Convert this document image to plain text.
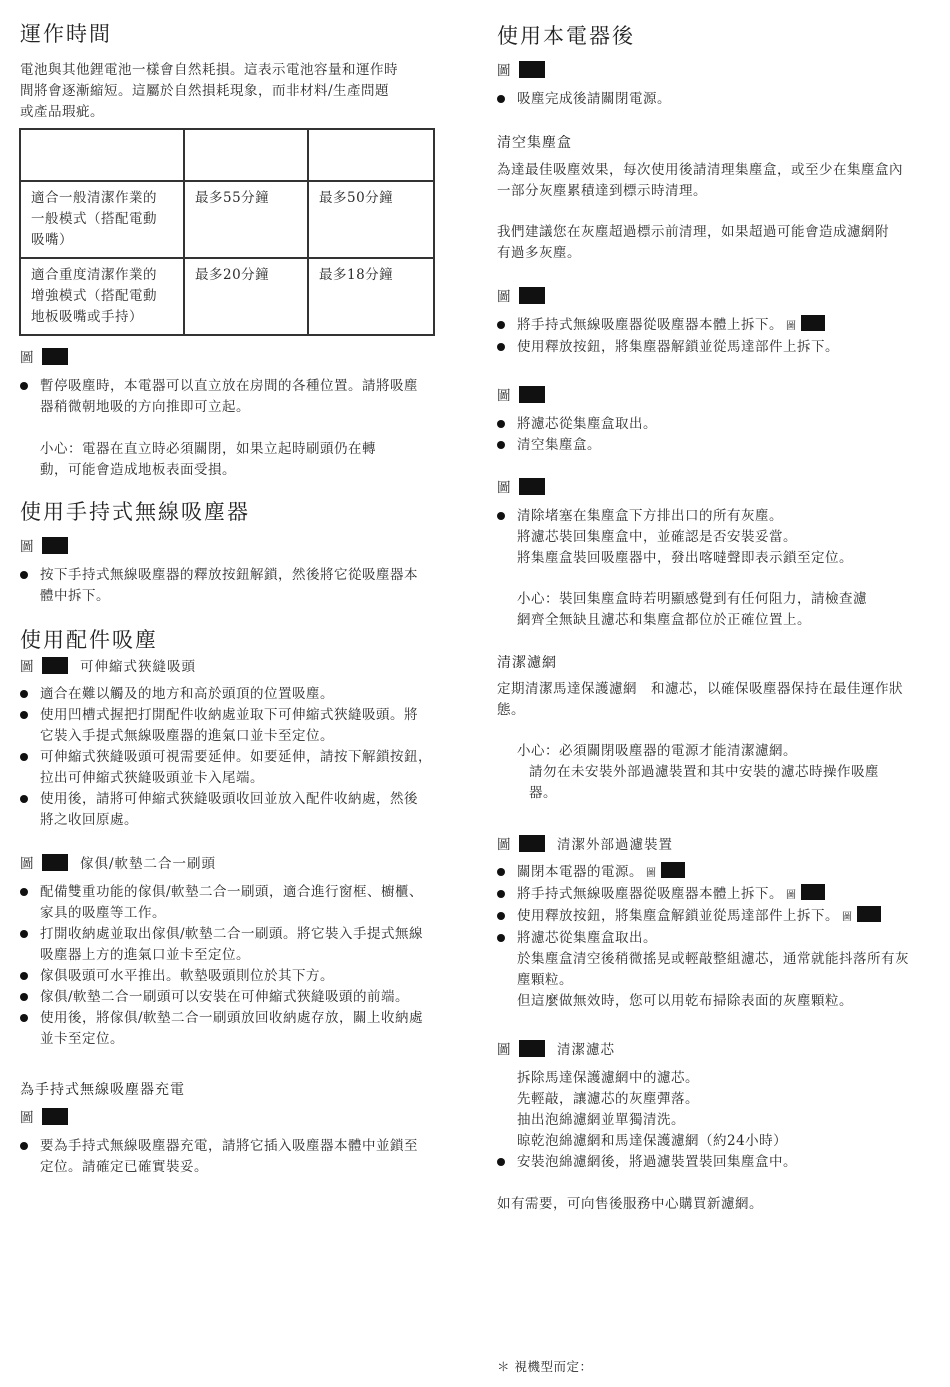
運作時間
電池與其他鋰電池一樣會自然耗損。這表示電池容量和運作時
間將會逐漸縮短。這屬於自然損耗現象，而非材料/生產問題
或產品瑕疵。

適合一般清潔作業的
一般模式（搭配電動
吸嘴）	最多55分鐘	最多50分鐘

適合重度清潔作業的
增強模式（搭配電動
地板吸嘴或手持）	最多20分鐘	最多18分鐘
圖
暫停吸塵時，本電器可以直立放在房間的各種位置。請將吸塵
器稍微朝地吸的方向推即可立起。
小心：電器在直立時必須關閉，如果立起時刷頭仍在轉
動，可能會造成地板表面受損。
使用手持式無線吸塵器
圖
按下手持式無線吸塵器的釋放按鈕解鎖，然後將它從吸塵器本
體中拆下。
使用配件吸塵
圖	可伸縮式狹縫吸頭
適合在難以觸及的地方和高於頭頂的位置吸塵。
使用凹槽式握把打開配件收納處並取下可伸縮式狹縫吸頭。將
它裝入手提式無線吸塵器的進氣口並卡至定位。
可伸縮式狹縫吸頭可視需要延伸。如要延伸，請按下解鎖按鈕，
拉出可伸縮式狹縫吸頭並卡入尾端。
使用後，請將可伸縮式狹縫吸頭收回並放入配件收納處，然後
將之收回原處。
圖	傢俱/軟墊二合一刷頭
配備雙重功能的傢俱/軟墊二合一刷頭，適合進行窗框、櫥櫃、
家具的吸塵等工作。
打開收納處並取出傢俱/軟墊二合一刷頭。將它裝入手提式無線
吸塵器上方的進氣口並卡至定位。
傢俱吸頭可水平推出。軟墊吸頭則位於其下方。
傢俱/軟墊二合一刷頭可以安裝在可伸縮式狹縫吸頭的前端。
使用後，將傢俱/軟墊二合一刷頭放回收納處存放，關上收納處
並卡至定位。
為手持式無線吸塵器充電
圖
要為手持式無線吸塵器充電，請將它插入吸塵器本體中並鎖至
定位。請確定已確實裝妥。
使用本電器後
圖
吸塵完成後請關閉電源。
清空集塵盒
為達最佳吸塵效果，每次使用後請清理集塵盒，或至少在集塵盒內
一部分灰塵累積達到標示時清理。
我們建議您在灰塵超過標示前清理，如果超過可能會造成濾網附
有過多灰塵。
圖
將手持式無線吸塵器從吸塵器本體上拆下。 圖
使用釋放按鈕，將集塵器解鎖並從馬達部件上拆下。
圖
將濾芯從集塵盒取出。
清空集塵盒。
圖
清除堵塞在集塵盒下方排出口的所有灰塵。
將濾芯裝回集塵盒中，並確認是否安裝妥當。
將集塵盒裝回吸塵器中，發出喀噠聲即表示鎖至定位。
小心：裝回集塵盒時若明顯感覺到有任何阻力，請檢查濾
網齊全無缺且濾芯和集塵盒都位於正確位置上。
清潔濾網
定期清潔馬達保護濾網　和濾芯，以確保吸塵器保持在最佳運作狀
態。
小心：必須關閉吸塵器的電源才能清潔濾網。
請勿在未安裝外部過濾裝置和其中安裝的濾芯時操作吸塵
器。
圖	清潔外部過濾裝置
關閉本電器的電源。 圖
將手持式無線吸塵器從吸塵器本體上拆下。 圖
使用釋放按鈕，將集塵盒解鎖並從馬達部件上拆下。 圖
將濾芯從集塵盒取出。
於集塵盒清空後稍微搖晃或輕敲整組濾芯，通常就能抖落所有灰
塵顆粒。
但這麼做無效時，您可以用乾布掃除表面的灰塵顆粒。
圖	清潔濾芯
拆除馬達保護濾網中的濾芯。
先輕敲，讓濾芯的灰塵彈落。
抽出泡綿濾網並單獨清洗。
晾乾泡綿濾網和馬達保護濾網（約24小時）
安裝泡綿濾網後，將過濾裝置裝回集塵盒中。
如有需要，可向售後服務中心購買新濾網。
＊ 視機型而定：
